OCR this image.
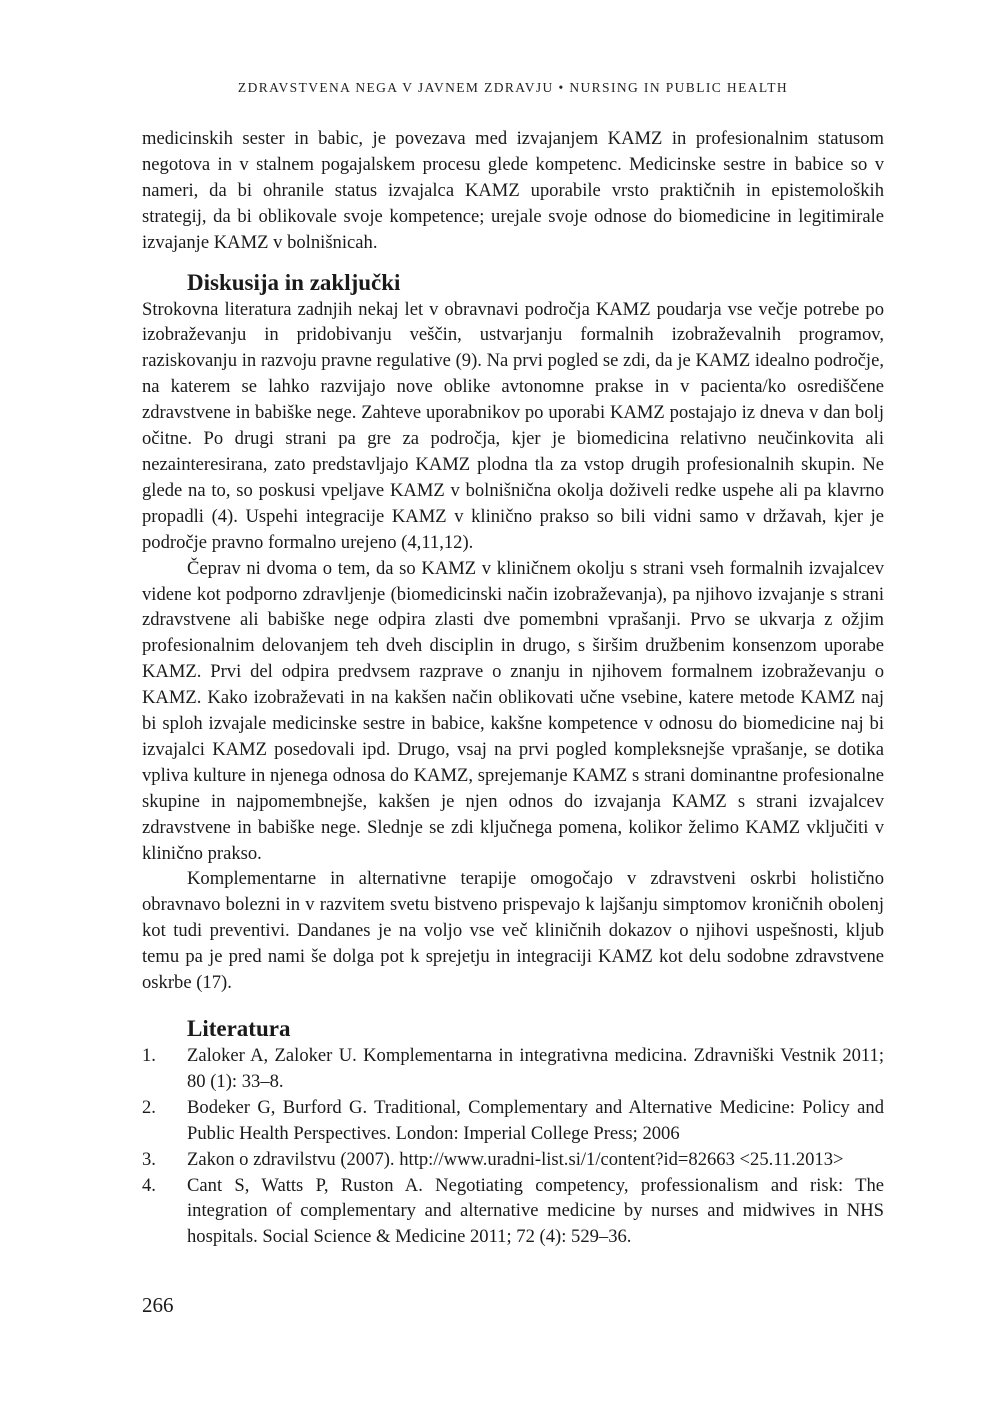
ZDRAVSTVENA NEGA V JAVNEM ZDRAVJU • NURSING IN PUBLIC HEALTH

medicinskih sester in babic, je povezava med izvajanjem KAMZ in profesionalnim statusom negotova in v stalnem pogajalskem procesu glede kompetenc. Medicinske sestre in babice so v nameri, da bi ohranile status izvajalca KAMZ uporabile vrsto praktičnih in epistemoloških strategij, da bi oblikovale svoje kompetence; urejale svoje odnose do biomedicine in legitimirale izvajanje KAMZ v bolnišnicah.

Diskusija in zaključki

Strokovna literatura zadnjih nekaj let v obravnavi področja KAMZ poudarja vse večje potrebe po izobraževanju in pridobivanju veščin, ustvarjanju formalnih izobraževalnih programov, raziskovanju in razvoju pravne regulative (9). Na prvi pogled se zdi, da je KAMZ idealno področje, na katerem se lahko razvijajo nove oblike avtonomne prakse in v pacienta/ko osrediščene zdravstvene in babiške nege. Zahteve uporabnikov po uporabi KAMZ postajajo iz dneva v dan bolj očitne. Po drugi strani pa gre za področja, kjer je biomedicina relativno neučinkovita ali nezainteresirana, zato predstavljajo KAMZ plodna tla za vstop drugih profesionalnih skupin. Ne glede na to, so poskusi vpeljave KAMZ v bolnišnična okolja doživeli redke uspehe ali pa klavrno propadli (4). Uspehi integracije KAMZ v klinično prakso so bili vidni samo v državah, kjer je področje pravno formalno urejeno (4,11,12).

Čeprav ni dvoma o tem, da so KAMZ v kliničnem okolju s strani vseh formalnih izvajalcev videne kot podporno zdravljenje (biomedicinski način izobraževanja), pa njihovo izvajanje s strani zdravstvene ali babiške nege odpira zlasti dve pomembni vprašanji. Prvo se ukvarja z ožjim profesionalnim delovanjem teh dveh disciplin in drugo, s širšim družbenim konsenzom uporabe KAMZ. Prvi del odpira predvsem razprave o znanju in njihovem formalnem izobraževanju o KAMZ. Kako izobraževati in na kakšen način oblikovati učne vsebine, katere metode KAMZ naj bi sploh izvajale medicinske sestre in babice, kakšne kompetence v odnosu do biomedicine naj bi izvajalci KAMZ posedovali ipd. Drugo, vsaj na prvi pogled kompleksnejše vprašanje, se dotika vpliva kulture in njenega odnosa do KAMZ, sprejemanje KAMZ s strani dominantne profesionalne skupine in najpomembnejše, kakšen je njen odnos do izvajanja KAMZ s strani izvajalcev zdravstvene in babiške nege. Slednje se zdi ključnega pomena, kolikor želimo KAMZ vključiti v klinično prakso.

Komplementarne in alternativne terapije omogočajo v zdravstveni oskrbi holistično obravnavo bolezni in v razvitem svetu bistveno prispevajo k lajšanju simptomov kroničnih obolenj kot tudi preventivi. Dandanes je na voljo vse več kliničnih dokazov o njihovi uspešnosti, kljub temu pa je pred nami še dolga pot k sprejetju in integraciji KAMZ kot delu sodobne zdravstvene oskrbe (17).

Literatura
1. Zaloker A, Zaloker U. Komplementarna in integrativna medicina. Zdravniški Vestnik 2011; 80 (1): 33–8.
2. Bodeker G, Burford G. Traditional, Complementary and Alternative Medicine: Policy and Public Health Perspectives. London: Imperial College Press; 2006
3. Zakon o zdravilstvu (2007). http://www.uradni-list.si/1/content?id=82663 <25.11.2013>
4. Cant S, Watts P, Ruston A. Negotiating competency, professionalism and risk: The integration of complementary and alternative medicine by nurses and midwives in NHS hospitals. Social Science & Medicine 2011; 72 (4): 529–36.
266
